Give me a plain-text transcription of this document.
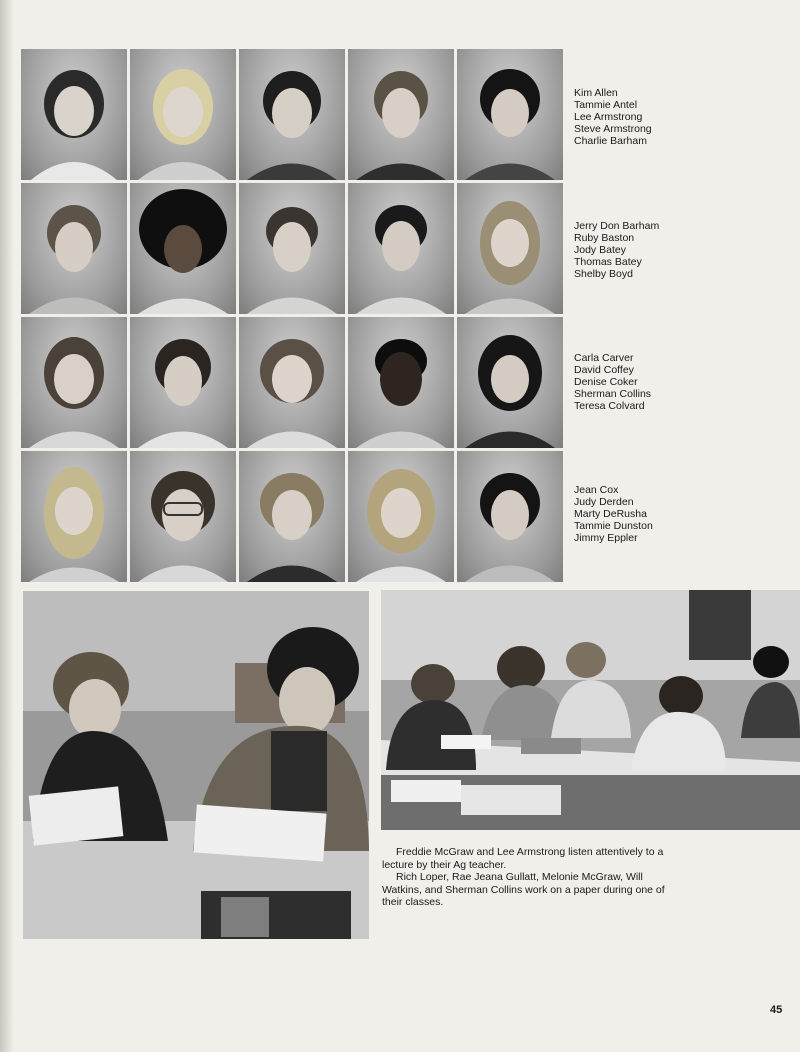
Kim Allen
Tammie Antel
Lee Armstrong
Steve Armstrong
Charlie Barham
Jerry Don Barham
Ruby Baston
Jody Batey
Thomas Batey
Shelby Boyd
Carla Carver
David Coffey
Denise Coker
Sherman Collins
Teresa Colvard
Jean Cox
Judy Derden
Marty DeRusha
Tammie Dunston
Jimmy Eppler

Freddie McGraw and Lee Armstrong listen attentively to a lecture by their Ag teacher.

Rich Loper, Rae Jeana Gullatt, Melonie McGraw, Will Watkins, and Sherman Collins work on a paper during one of their classes.

45
